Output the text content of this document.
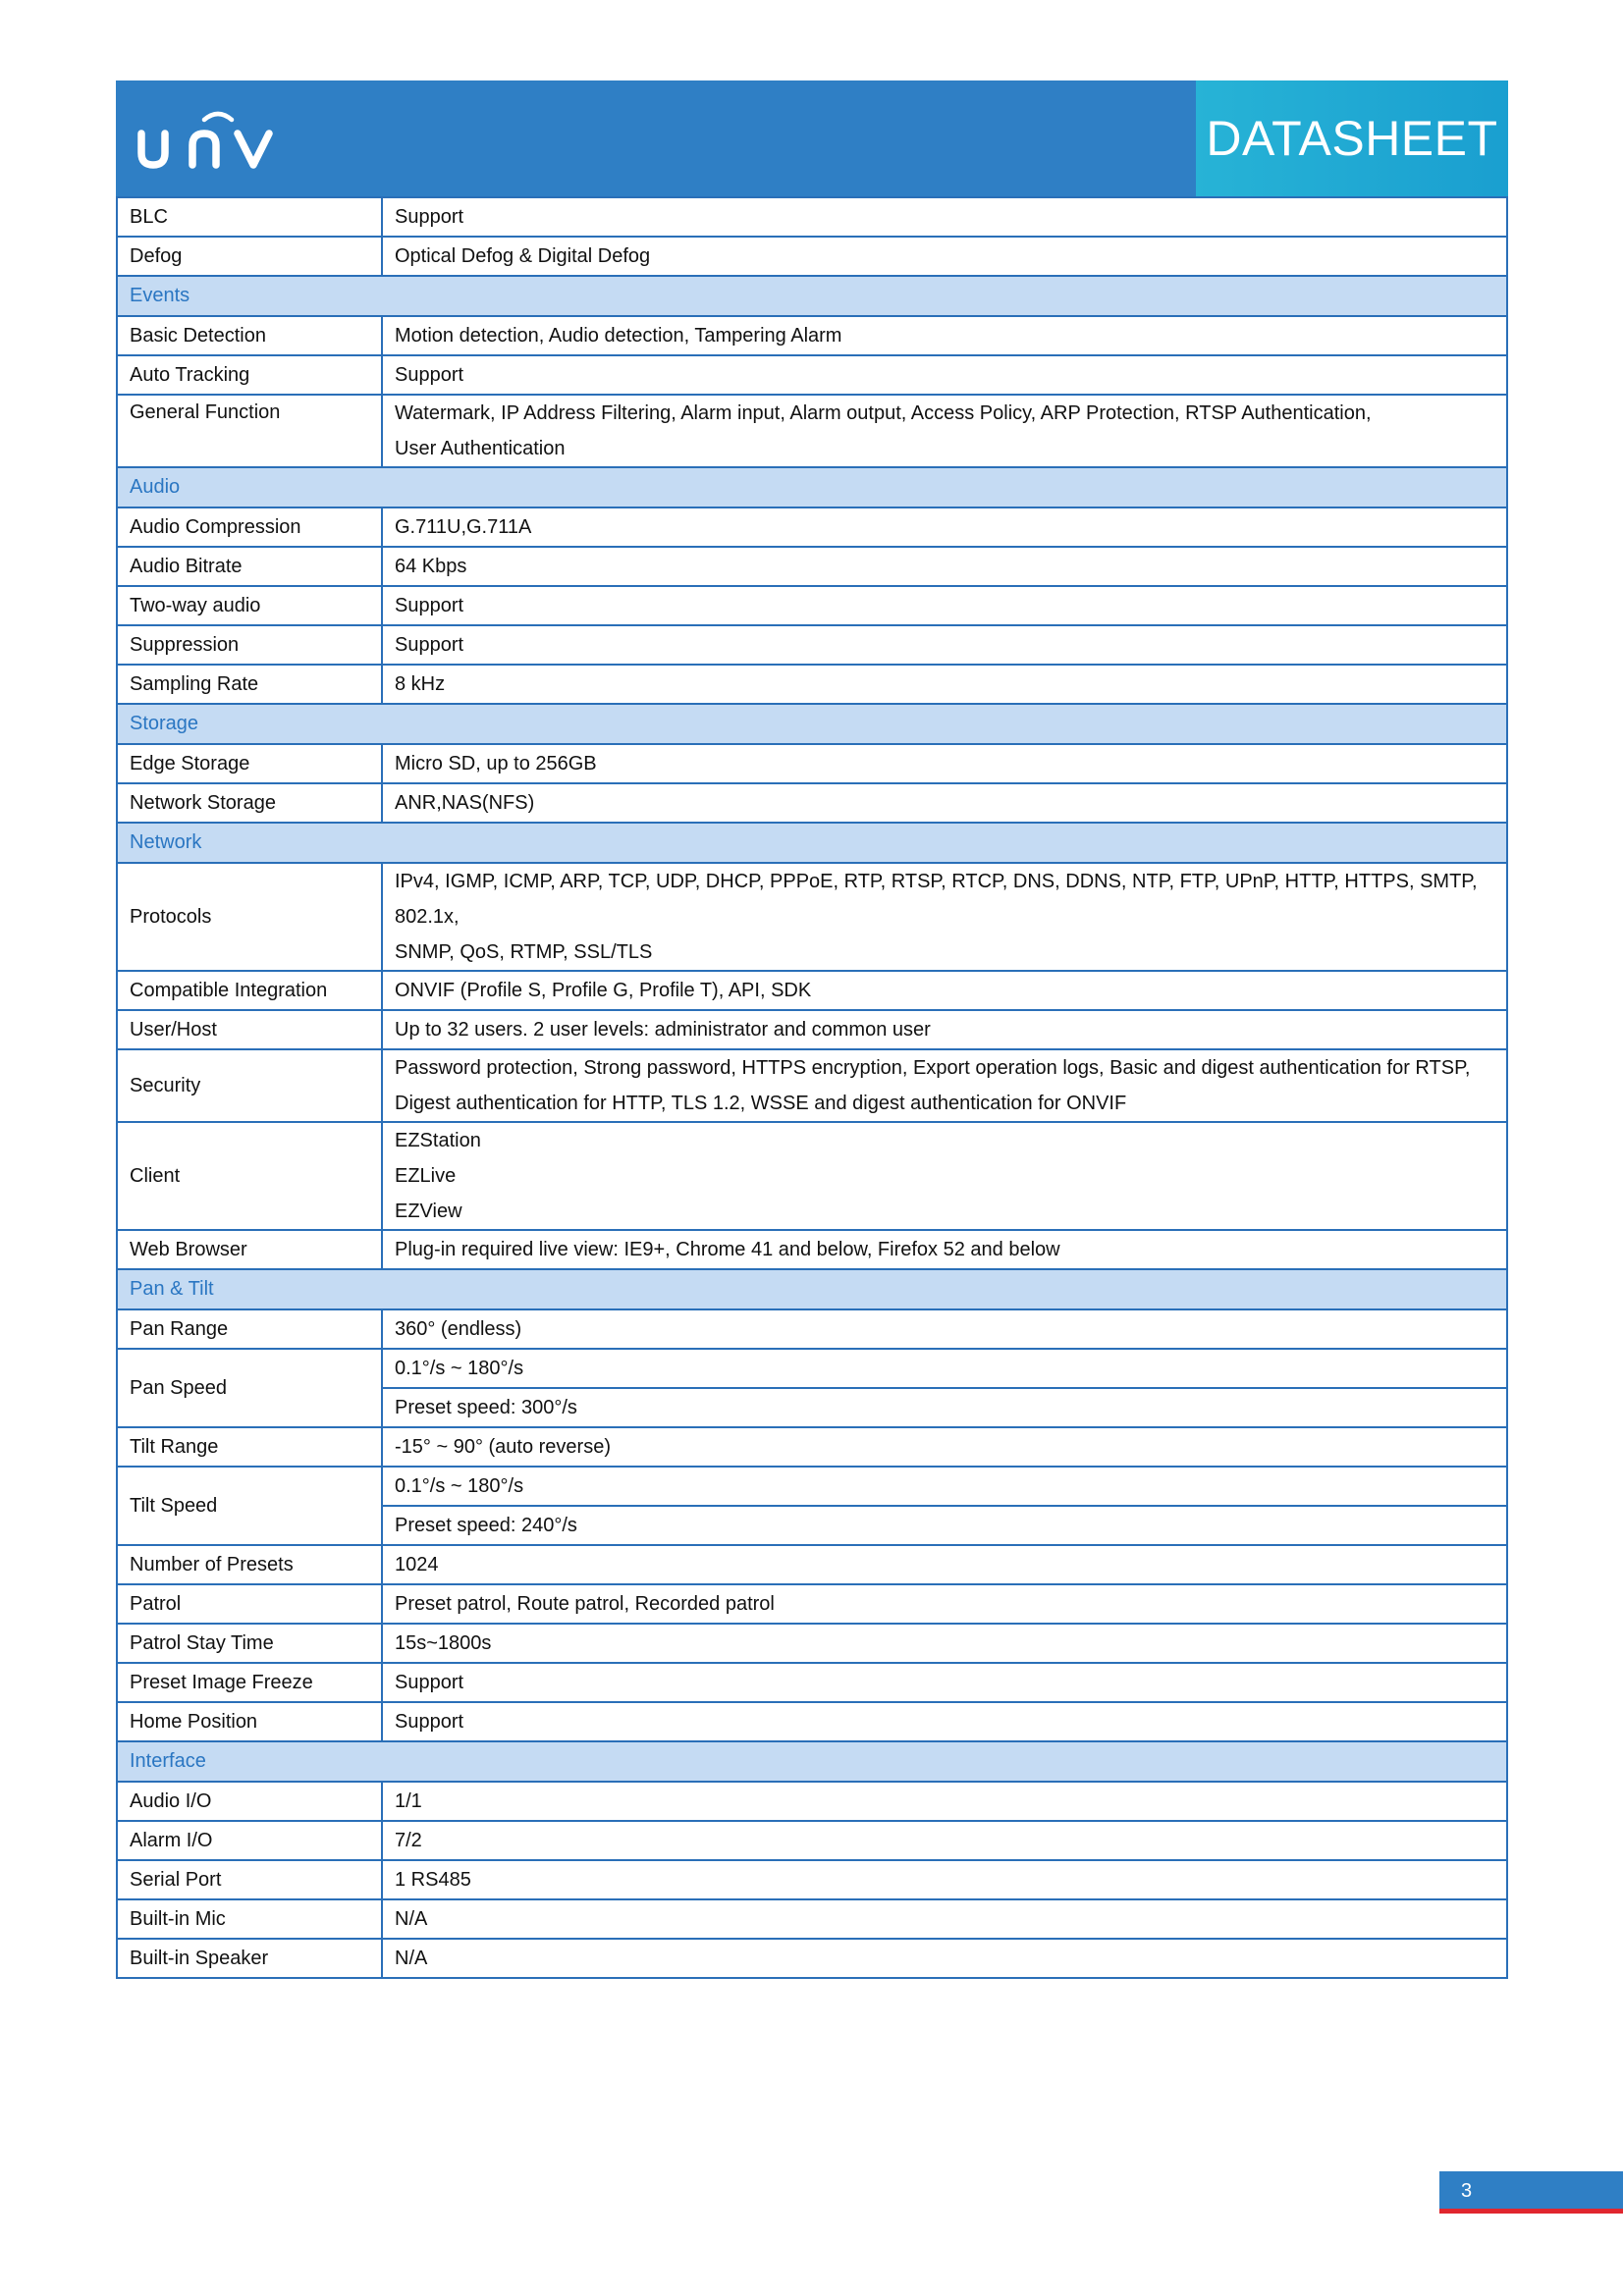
DATASHEET
BLC	Support

Defog	Optical Defog & Digital Defog

Events	
Basic Detection	Motion detection, Audio detection, Tampering Alarm

Auto Tracking	Support

General Function	Watermark, IP Address Filtering, Alarm input, Alarm output, Access Policy, ARP Protection, RTSP Authentication,
User Authentication

Audio	
Audio Compression	G.711U,G.711A

Audio Bitrate	64 Kbps

Two-way audio	Support

Suppression	Support

Sampling Rate	8 kHz

Storage	
Edge Storage	Micro SD, up to 256GB

Network Storage	ANR,NAS(NFS)

Network	
Protocols	IPv4, IGMP, ICMP, ARP, TCP, UDP, DHCP, PPPoE, RTP, RTSP, RTCP, DNS, DDNS, NTP, FTP, UPnP, HTTP, HTTPS, SMTP, 802.1x,
SNMP, QoS, RTMP, SSL/TLS

Compatible Integration	ONVIF (Profile S, Profile G, Profile T), API, SDK

User/Host	Up to 32 users. 2 user levels: administrator and common user

Security	Password protection, Strong password, HTTPS encryption, Export operation logs, Basic and digest authentication for RTSP,
Digest authentication for HTTP, TLS 1.2, WSSE and digest authentication for ONVIF

Client	EZStation
EZLive
EZView

Web Browser	Plug-in required live view: IE9+, Chrome 41 and below, Firefox 52 and below

Pan & Tilt	
Pan Range	360° (endless)

Pan Speed	0.1°/s ~ 180°/s
	Preset speed: 300°/s
Tilt Range	-15° ~ 90° (auto reverse)

Tilt Speed	0.1°/s ~ 180°/s
	Preset speed: 240°/s
Number of Presets	1024

Patrol	Preset patrol, Route patrol, Recorded patrol

Patrol Stay Time	15s~1800s

Preset Image Freeze	Support

Home Position	Support

Interface	
Audio I/O	1/1

Alarm I/O	7/2

Serial Port	1 RS485

Built-in Mic	N/A

Built-in Speaker	N/A
3
